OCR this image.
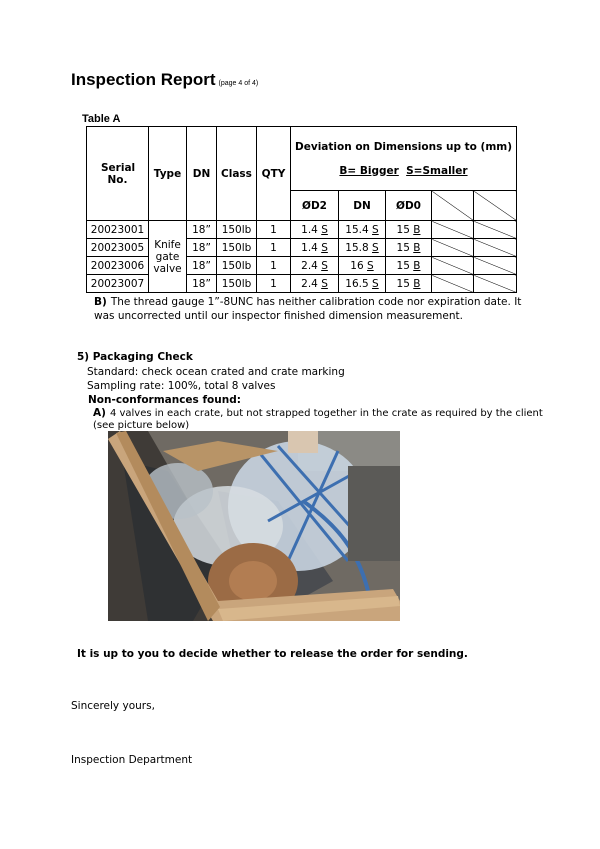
Inspection Report (page 4 of 4)
Table A
Serial No.	Type	DN	Class	QTY	Deviation on Dimensions up to (mm)
B= Bigger S=Smaller				

					ØD2	DN	ØD0		
20023001	Knife gate valve	18”	150lb	1	1.4 S	15.4 S	15 B		
20023005		18”	150lb	1	1.4 S	15.8 S	15 B		
20023006		18”	150lb	1	2.4 S	16 S	15 B		
20023007		18”	150lb	1	2.4 S	16.5 S	15 B		
B) The thread gauge 1”-8UNC has neither calibration code nor expiration date. It was uncorrected until our inspector finished dimension measurement.
5) Packaging Check
Standard: check ocean crated and crate marking
Sampling rate: 100%, total 8 valves
Non-conformances found:
A) 4 valves in each crate, but not strapped together in the crate as required by the client (see picture below)
It is up to you to decide whether to release the order for sending.
Sincerely yours,
Inspection Department
